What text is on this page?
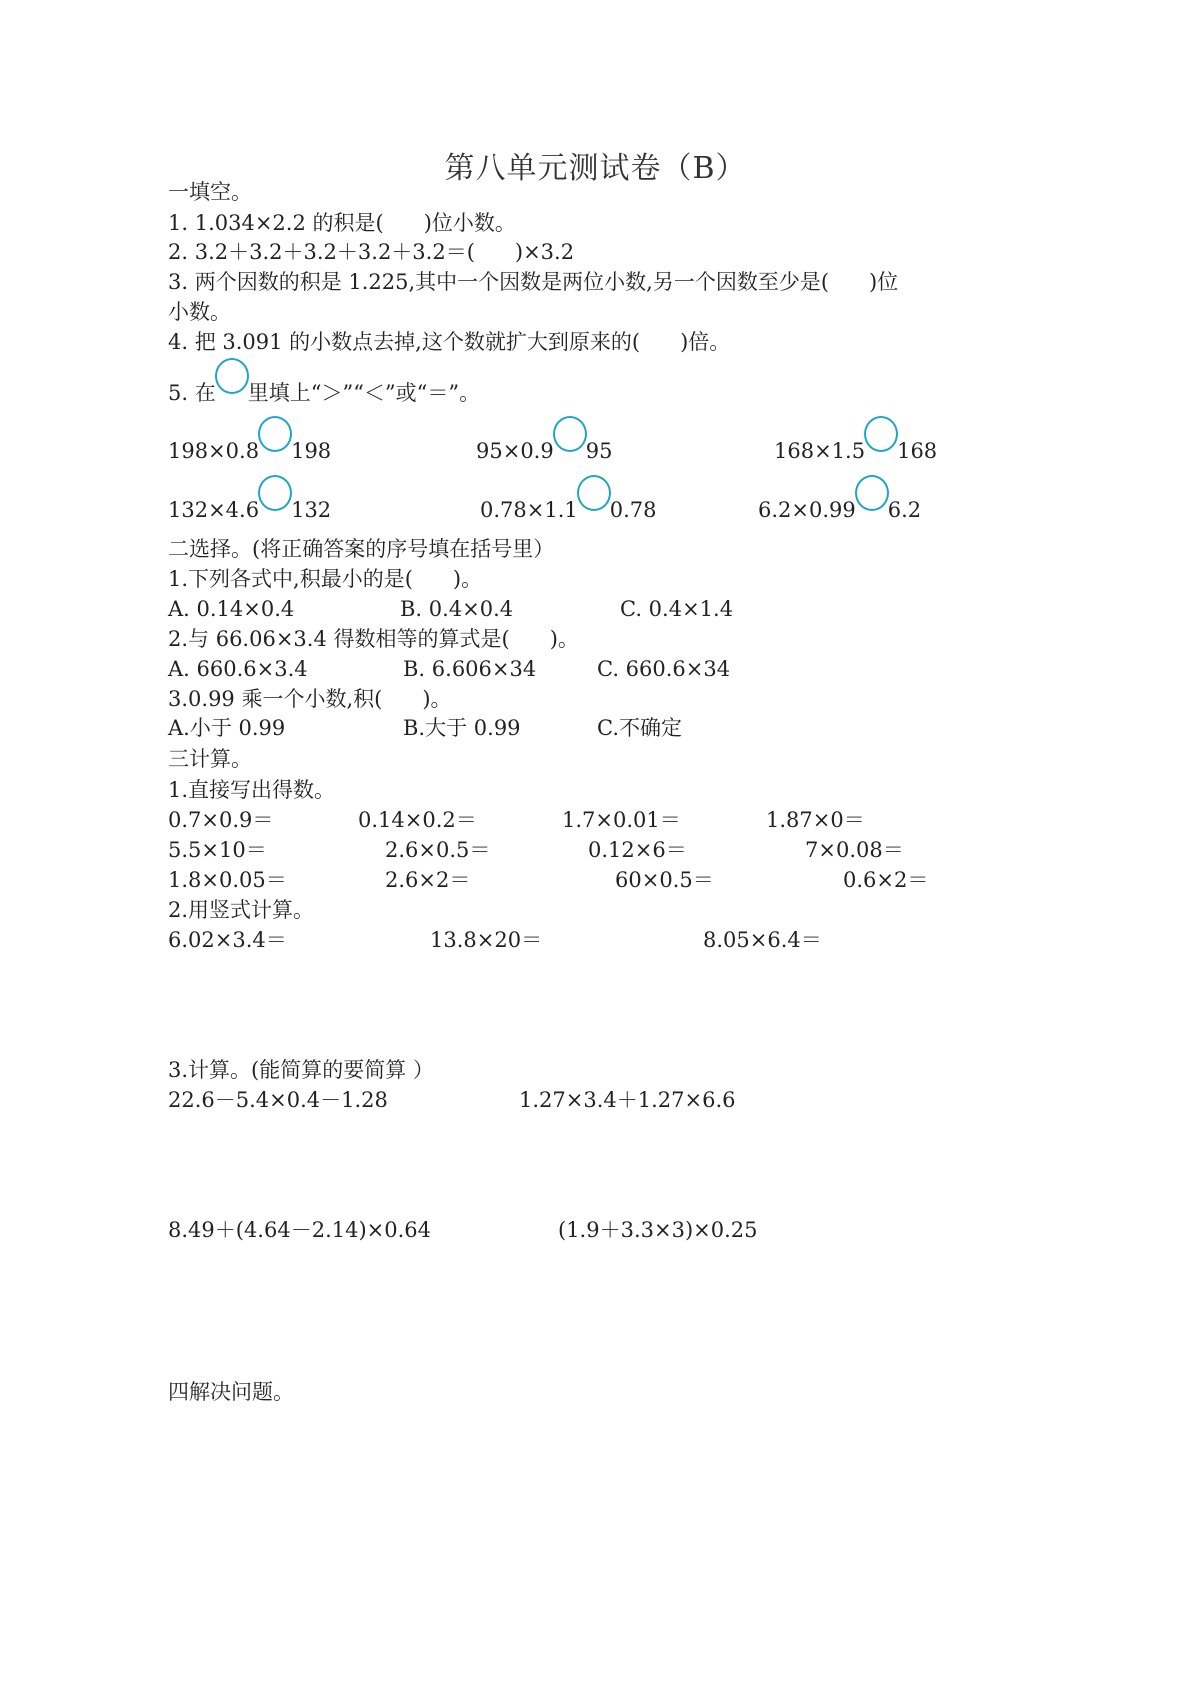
第八单元测试卷（B）
一填空。
1. 1.034×2.2 的积是( )位小数。
2. 3.2＋3.2＋3.2＋3.2＋3.2＝( )×3.2
3. 两个因数的积是 1.225,其中一个因数是两位小数,另一个因数至少是( )位
小数。
4. 把 3.091 的小数点去掉,这个数就扩大到原来的( )倍。
5. 在 里填上“＞”“＜”或“＝”。
198×0.8 198	95×0.9 95	168×1.5 168
132×4.6 132	0.78×1.1 0.78	6.2×0.99 6.2
二选择。(将正确答案的序号填在括号里）
1.下列各式中,积最小的是( )。
A. 0.14×0.4	B. 0.4×0.4	C. 0.4×1.4
2.与 66.06×3.4 得数相等的算式是( )。
A. 660.6×3.4	B. 6.606×34	C. 660.6×34
3.0.99 乘一个小数,积( )。
A.小于 0.99	B.大于 0.99	C.不确定
三计算。
1.直接写出得数。
0.7×0.9＝	0.14×0.2＝	1.7×0.01＝	1.87×0＝
5.5×10＝	2.6×0.5＝	0.12×6＝	7×0.08＝
1.8×0.05＝	2.6×2＝	60×0.5＝	0.6×2＝
2.用竖式计算。
6.02×3.4＝	13.8×20＝	8.05×6.4＝
3.计算。(能简算的要简算 ）
22.6－5.4×0.4－1.28	1.27×3.4＋1.27×6.6
8.49＋(4.64－2.14)×0.64	(1.9＋3.3×3)×0.25
四解决问题。
